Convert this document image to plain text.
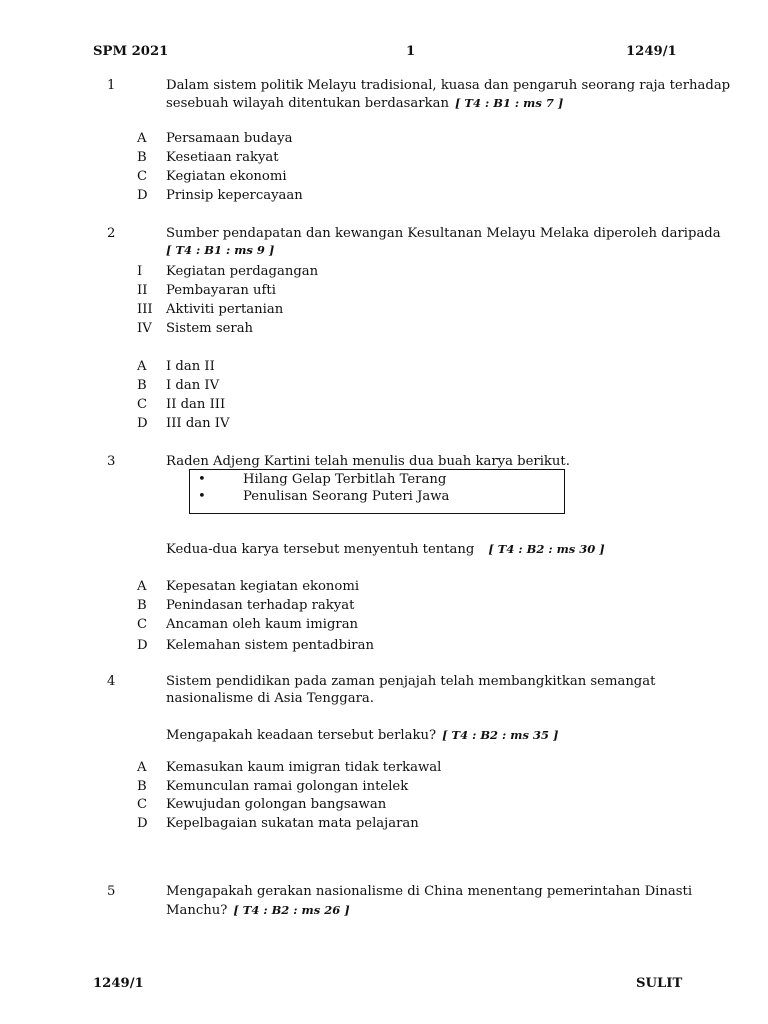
SPM 2021	1	1249/1
1	Dalam sistem politik Melayu tradisional, kuasa dan pengaruh seorang raja terhadap
sesebuah wilayah ditentukan berdasarkan [ T4 : B1 : ms 7 ]
A Persamaan budaya
B Kesetiaan rakyat
C Kegiatan ekonomi
D Prinsip kepercayaan
2	Sumber pendapatan dan kewangan Kesultanan Melayu Melaka diperoleh daripada
[ T4 : B1 : ms 9 ]
I Kegiatan perdagangan
II Pembayaran ufti
III Aktiviti pertanian
IV Sistem serah
A I dan II
B I dan IV
C II dan III
D III dan IV
3	Raden Adjeng Kartini telah menulis dua buah karya berikut.
•	Hilang Gelap Terbitlah Terang
•	Penulisan Seorang Puteri Jawa
Kedua-dua karya tersebut menyentuh tentang [ T4 : B2 : ms 30 ]
A Kepesatan kegiatan ekonomi
B Penindasan terhadap rakyat
C Ancaman oleh kaum imigran
D Kelemahan sistem pentadbiran
4	Sistem pendidikan pada zaman penjajah telah membangkitkan semangat
nasionalisme di Asia Tenggara.
Mengapakah keadaan tersebut berlaku? [ T4 : B2 : ms 35 ]
A Kemasukan kaum imigran tidak terkawal
B Kemunculan ramai golongan intelek
C Kewujudan golongan bangsawan
D Kepelbagaian sukatan mata pelajaran
5	Mengapakah gerakan nasionalisme di China menentang pemerintahan Dinasti
Manchu? [ T4 : B2 : ms 26 ]
1249/1	SULIT
